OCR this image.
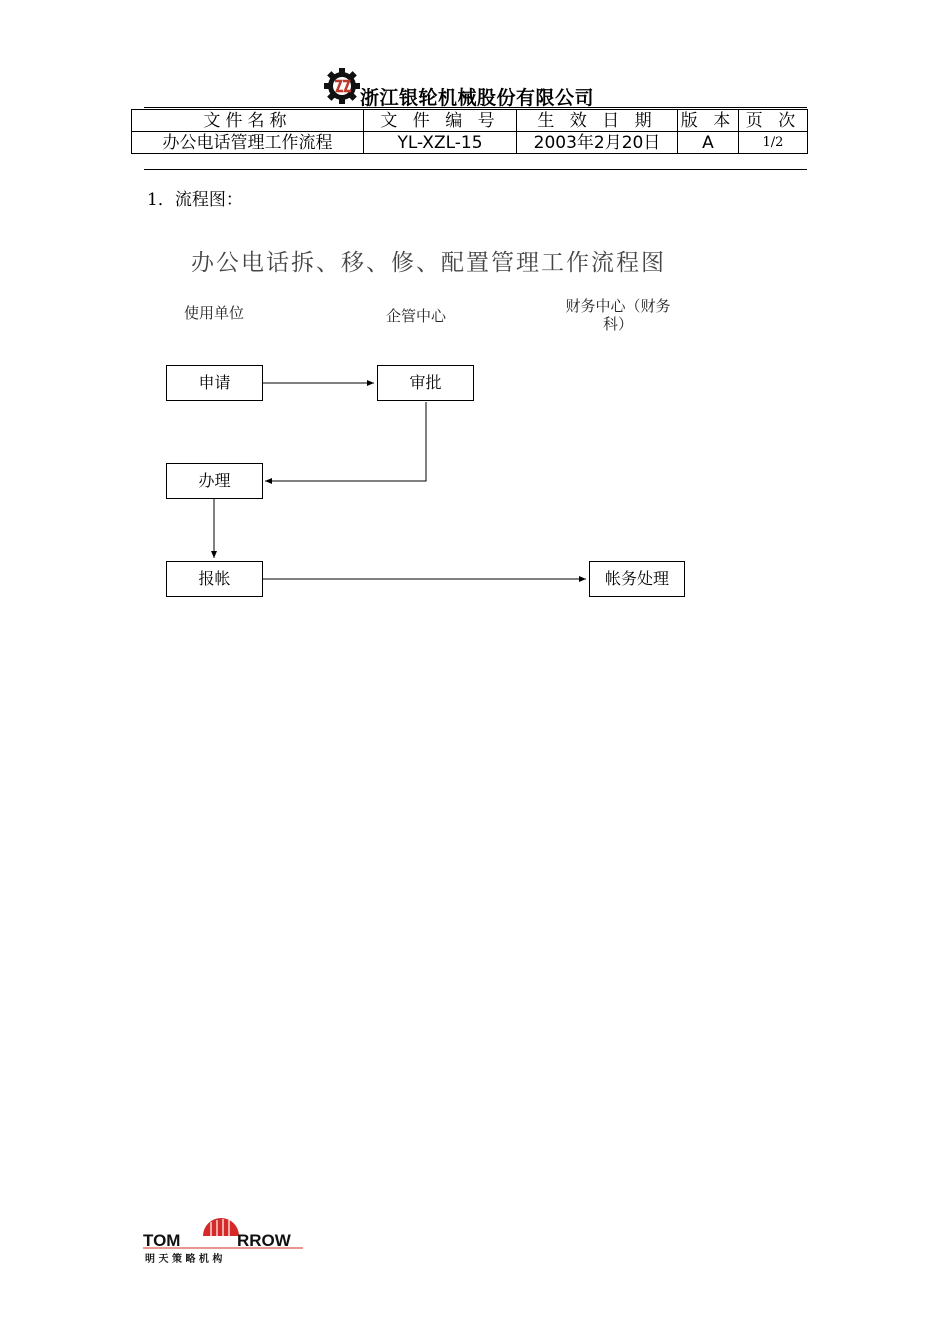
浙江银轮机械股份有限公司
文件名称	文 件 编 号	生 效 日 期	版 本	页 次
办公电话管理工作流程	YL-XZL-15	2003年2月20日	A	1/2
1．流程图：
办公电话拆、移、修、配置管理工作流程图
使用单位	企管中心
财务中心（财务科）
申请	审批
办理
报帐	帐务处理
TOM	RROW
明 天 策 略 机 构
